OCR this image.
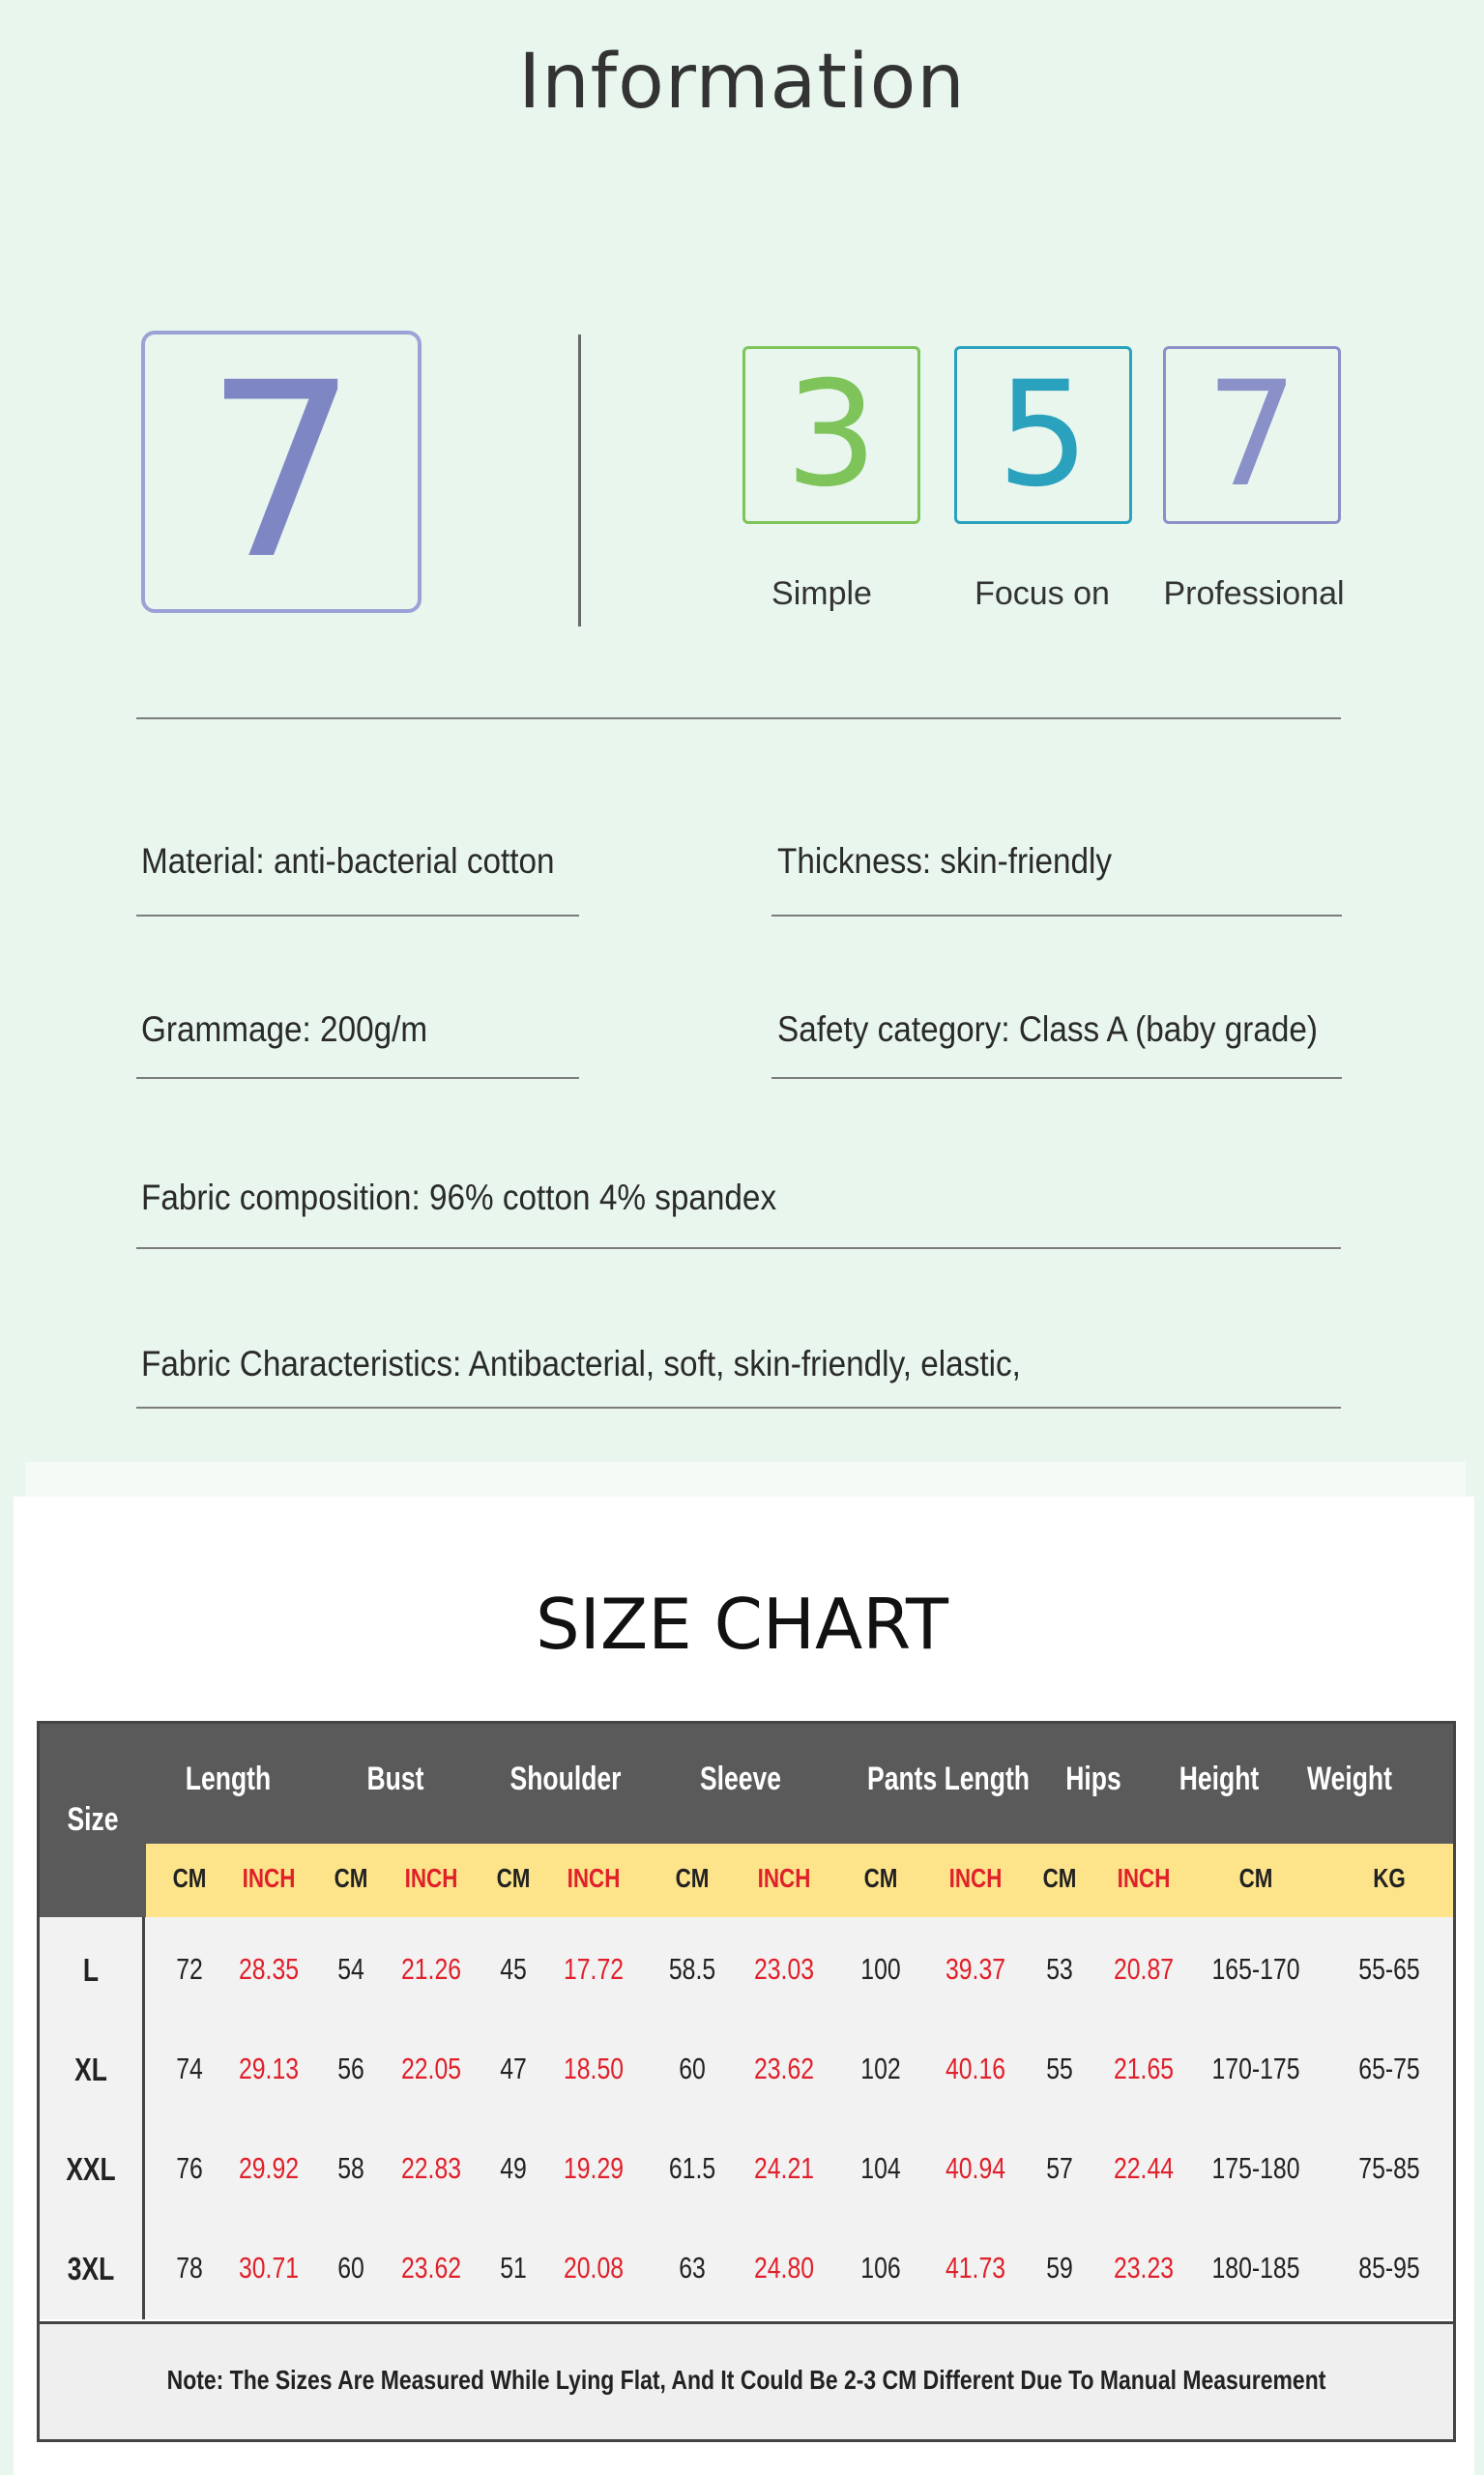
Information
7	3 5 7
Simple	Focus on	Professional
Material: anti-bacterial cotton	Thickness: skin-friendly
Grammage: 200g/m	Safety category: Class A (baby grade)
Fabric composition: 96% cotton 4% spandex
Fabric Characteristics: Antibacterial, soft, skin-friendly, elastic,
SIZE CHART
Size
Length	Bust	Shoulder	Sleeve	Pants Length	Hips	Height	Weight
CM	INCH	CM	INCH	CM	INCH	CM	INCH	CM	INCH	CM	INCH	CM	KG
L	72	28.35	54	21.26	45	17.72	58.5	23.03	100	39.37	53	20.87	165-170	55-65
XL	74	29.13	56	22.05	47	18.50	60	23.62	102	40.16	55	21.65	170-175	65-75
XXL	76	29.92	58	22.83	49	19.29	61.5	24.21	104	40.94	57	22.44	175-180	75-85
3XL	78	30.71	60	23.62	51	20.08	63	24.80	106	41.73	59	23.23	180-185	85-95
Note: The Sizes Are Measured While Lying Flat, And It Could Be 2-3 CM Different Due To Manual Measurement
